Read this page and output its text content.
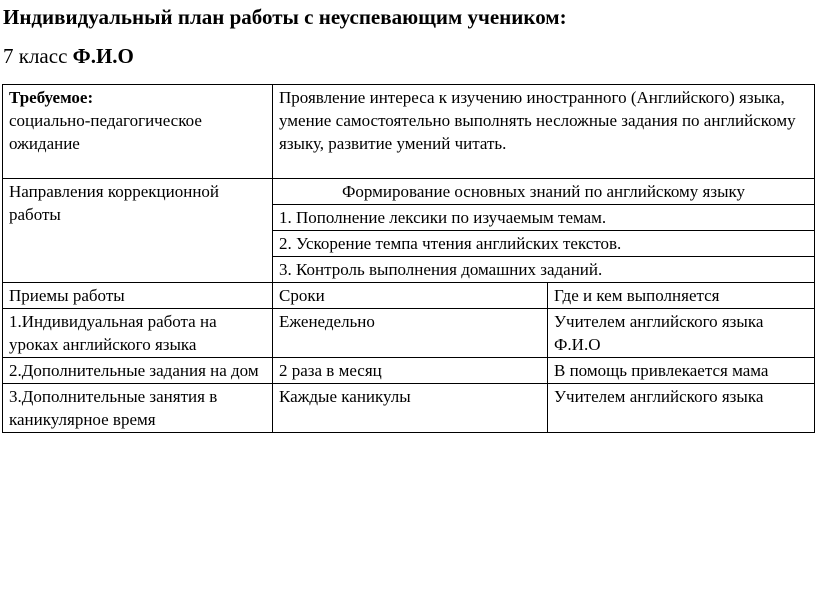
Индивидуальный план работы с неуспевающим учеником:
7 класс Ф.И.О
Требуемое:
социально-педагогическое ожидание	Проявление интереса к изучению иностранного (Английского) языка, умение самостоятельно выполнять несложные задания по английскому языку, развитие умений читать.	
Направления коррекционной работы	Формирование основных знаний по английскому языку	
	1. Пополнение лексики по изучаемым темам.	
	2. Ускорение темпа чтения английских текстов.	
	3. Контроль выполнения домашних заданий.	
Приемы работы	Сроки	Где и кем выполняется
1.Индивидуальная работа на уроках английского языка	Еженедельно	Учителем английского языка Ф.И.О
2.Дополнительные задания на дом	2 раза в месяц	В помощь привлекается мама
3.Дополнительные занятия в каникулярное время	Каждые каникулы	Учителем английского языка
